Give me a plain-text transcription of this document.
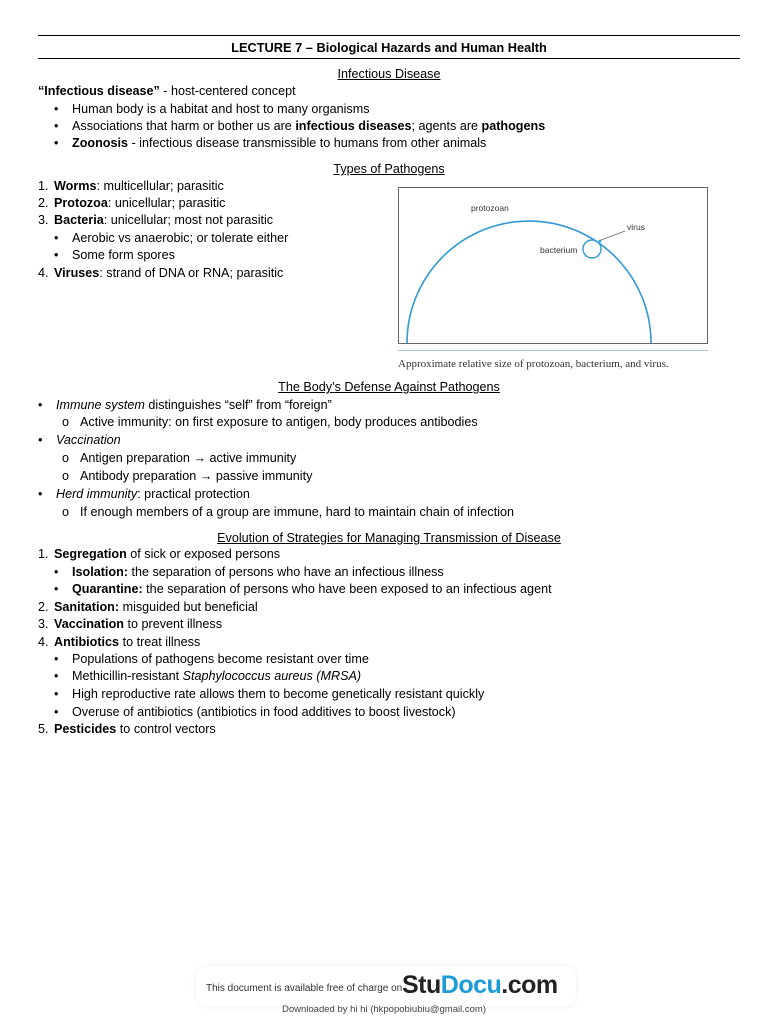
LECTURE 7 – Biological Hazards and Human Health
Infectious Disease
“Infectious disease” - host-centered concept
• Human body is a habitat and host to many organisms
• Associations that harm or bother us are infectious diseases; agents are pathogens
• Zoonosis - infectious disease transmissible to humans from other animals
Types of Pathogens
1. Worms: multicellular; parasitic
2. Protozoa: unicellular; parasitic
3. Bacteria: unicellular; most not parasitic
• Aerobic vs anaerobic; or tolerate either
• Some form spores
4. Viruses: strand of DNA or RNA; parasitic
protozoan
virus
bacterium
Approximate relative size of protozoan, bacterium, and virus.
The Body’s Defense Against Pathogens
• Immune system distinguishes “self” from “foreign”
o Active immunity: on first exposure to antigen, body produces antibodies
• Vaccination
o Antigen preparation → active immunity
o Antibody preparation → passive immunity
• Herd immunity: practical protection
o If enough members of a group are immune, hard to maintain chain of infection
Evolution of Strategies for Managing Transmission of Disease
1. Segregation of sick or exposed persons
• Isolation: the separation of persons who have an infectious illness
• Quarantine: the separation of persons who have been exposed to an infectious agent
2. Sanitation: misguided but beneficial
3. Vaccination to prevent illness
4. Antibiotics to treat illness
• Populations of pathogens become resistant over time
• Methicillin-resistant Staphylococcus aureus (MRSA)
• High reproductive rate allows them to become genetically resistant quickly
• Overuse of antibiotics (antibiotics in food additives to boost livestock)
5. Pesticides to control vectors
This document is available free of charge on StuDocu.com
Downloaded by hi hi (hkpopobiubiu@gmail.com)
